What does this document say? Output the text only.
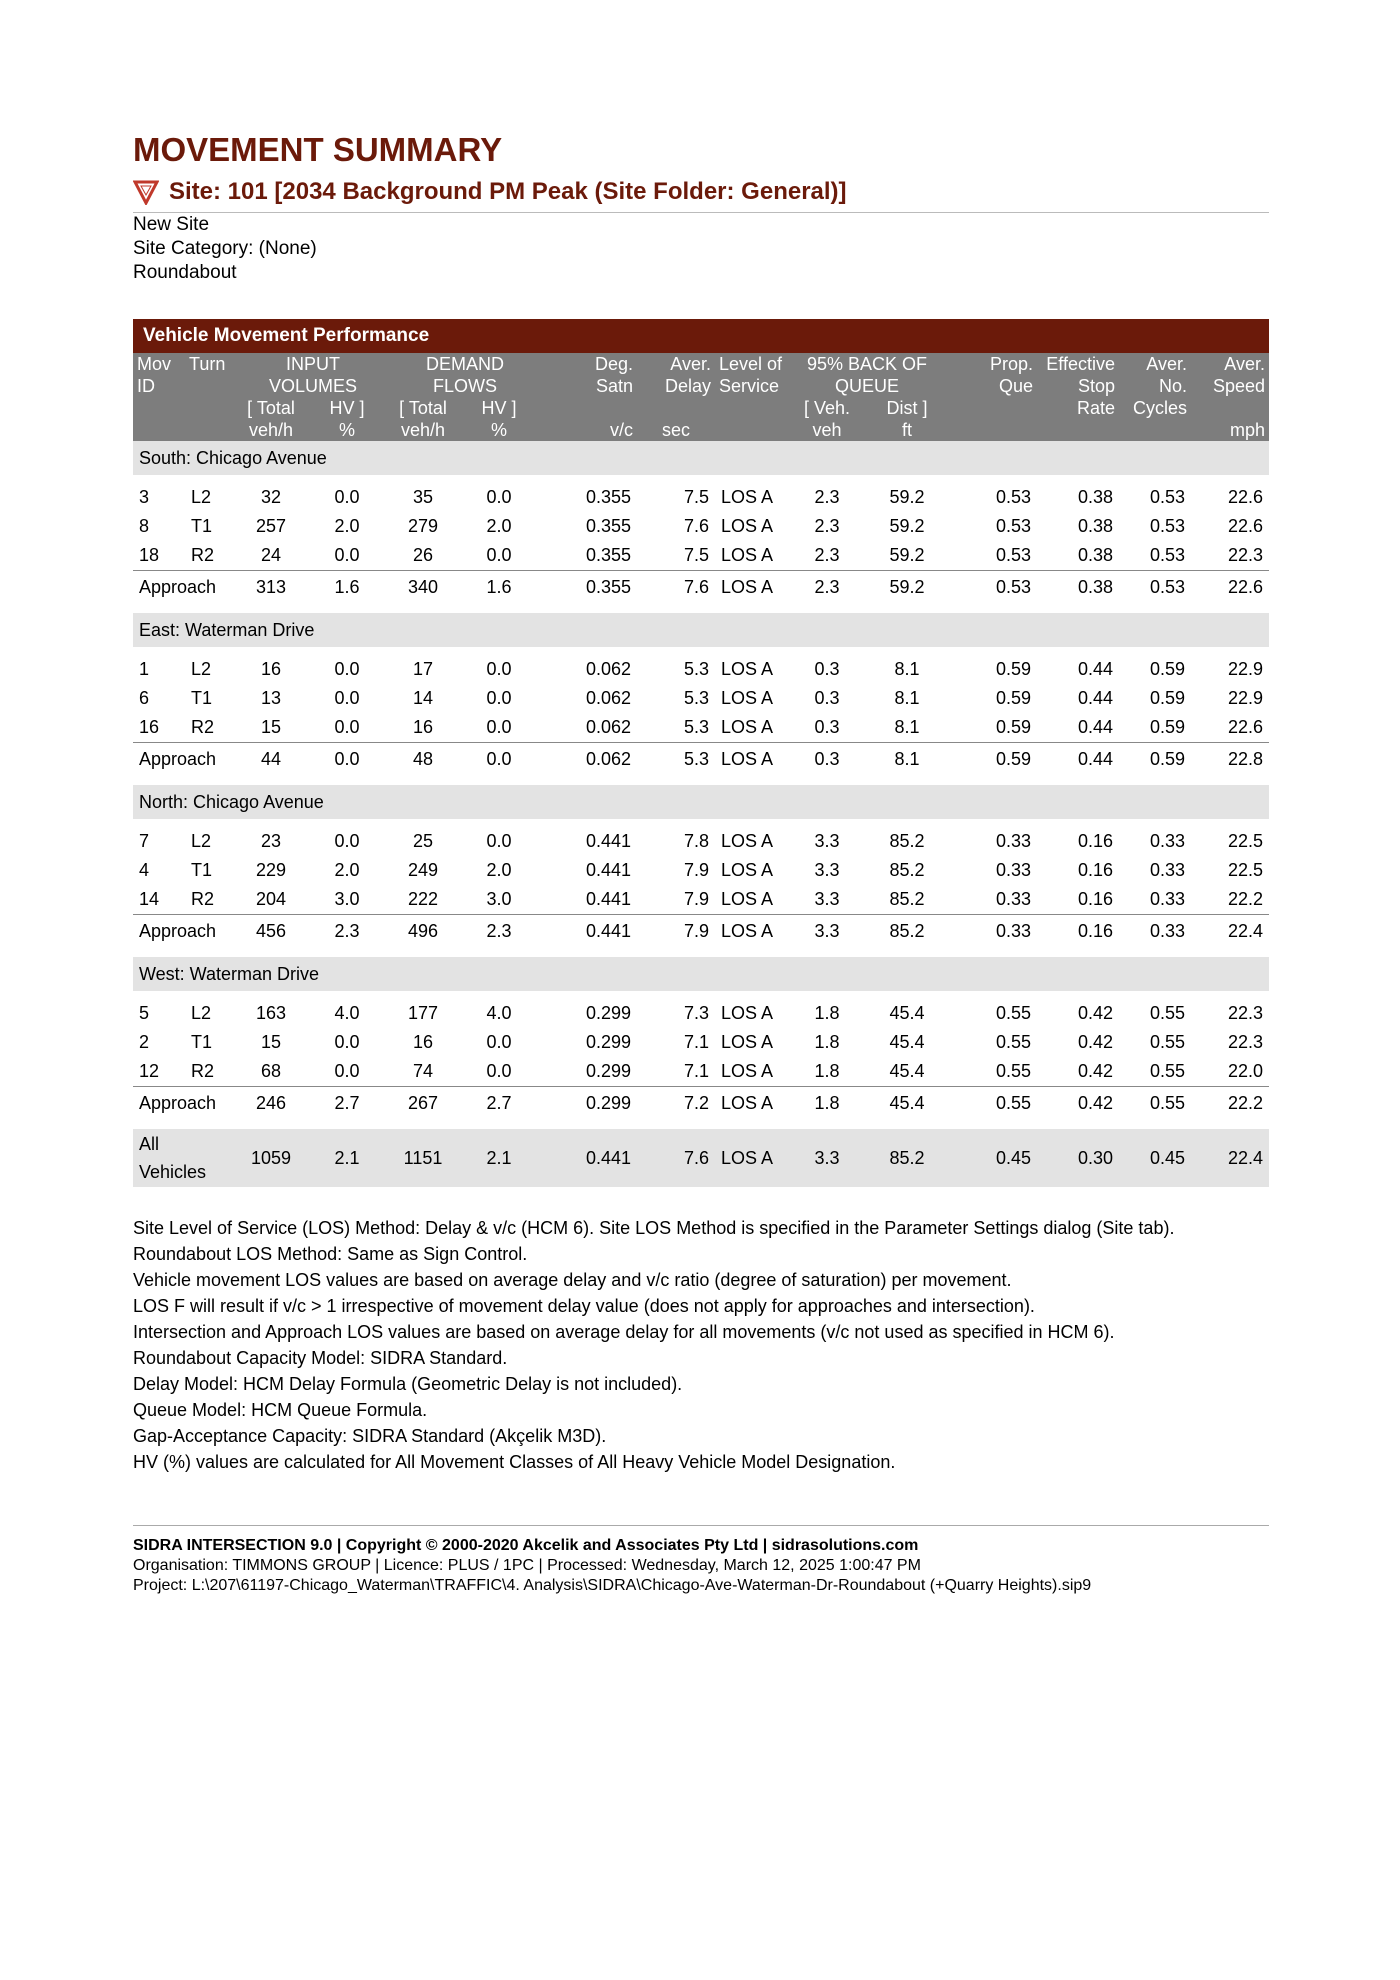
MOVEMENT SUMMARY
Site: 101 [2034 Background PM Peak (Site Folder: General)]
New Site
Site Category: (None)
Roundabout
Vehicle Movement Performance
Mov	Turn	INPUT		DEMAND		Deg.	Aver.	Level of	95% BACK OF		Prop.	Effective	Aver.	Aver.
ID		VOLUMES		FLOWS		Satn	Delay	Service	QUEUE		Que	Stop	No.	Speed
		[ Total	HV ]	[ Total	HV ]				[ Veh.	Dist ]		Rate	Cycles	
		veh/h	%	veh/h	%	v/c	sec		veh	ft				mph
South: Chicago Avenue														

3	L2	32	0.0	35	0.0	0.355	7.5	LOS A	2.3	59.2	0.53	0.38	0.53	22.6
8	T1	257	2.0	279	2.0	0.355	7.6	LOS A	2.3	59.2	0.53	0.38	0.53	22.6
18	R2	24	0.0	26	0.0	0.355	7.5	LOS A	2.3	59.2	0.53	0.38	0.53	22.3
Approach		313	1.6	340	1.6	0.355	7.6	LOS A	2.3	59.2	0.53	0.38	0.53	22.6

East: Waterman Drive														

1	L2	16	0.0	17	0.0	0.062	5.3	LOS A	0.3	8.1	0.59	0.44	0.59	22.9
6	T1	13	0.0	14	0.0	0.062	5.3	LOS A	0.3	8.1	0.59	0.44	0.59	22.9
16	R2	15	0.0	16	0.0	0.062	5.3	LOS A	0.3	8.1	0.59	0.44	0.59	22.6
Approach		44	0.0	48	0.0	0.062	5.3	LOS A	0.3	8.1	0.59	0.44	0.59	22.8

North: Chicago Avenue														

7	L2	23	0.0	25	0.0	0.441	7.8	LOS A	3.3	85.2	0.33	0.16	0.33	22.5
4	T1	229	2.0	249	2.0	0.441	7.9	LOS A	3.3	85.2	0.33	0.16	0.33	22.5
14	R2	204	3.0	222	3.0	0.441	7.9	LOS A	3.3	85.2	0.33	0.16	0.33	22.2
Approach		456	2.3	496	2.3	0.441	7.9	LOS A	3.3	85.2	0.33	0.16	0.33	22.4

West: Waterman Drive														

5	L2	163	4.0	177	4.0	0.299	7.3	LOS A	1.8	45.4	0.55	0.42	0.55	22.3
2	T1	15	0.0	16	0.0	0.299	7.1	LOS A	1.8	45.4	0.55	0.42	0.55	22.3
12	R2	68	0.0	74	0.0	0.299	7.1	LOS A	1.8	45.4	0.55	0.42	0.55	22.0
Approach		246	2.7	267	2.7	0.299	7.2	LOS A	1.8	45.4	0.55	0.42	0.55	22.2

All
Vehicles		1059	2.1	1151	2.1	0.441	7.6	LOS A	3.3	85.2	0.45	0.30	0.45	22.4
Site Level of Service (LOS) Method: Delay & v/c (HCM 6). Site LOS Method is specified in the Parameter Settings dialog (Site tab).
Roundabout LOS Method: Same as Sign Control.
Vehicle movement LOS values are based on average delay and v/c ratio (degree of saturation) per movement.
LOS F will result if v/c > 1 irrespective of movement delay value (does not apply for approaches and intersection).
Intersection and Approach LOS values are based on average delay for all movements (v/c not used as specified in HCM 6).
Roundabout Capacity Model: SIDRA Standard.
Delay Model: HCM Delay Formula (Geometric Delay is not included).
Queue Model: HCM Queue Formula.
Gap-Acceptance Capacity: SIDRA Standard (Akçelik M3D).
HV (%) values are calculated for All Movement Classes of All Heavy Vehicle Model Designation.
SIDRA INTERSECTION 9.0 | Copyright © 2000-2020 Akcelik and Associates Pty Ltd | sidrasolutions.com
Organisation: TIMMONS GROUP | Licence: PLUS / 1PC | Processed: Wednesday, March 12, 2025 1:00:47 PM
Project: L:\207\61197-Chicago_Waterman\TRAFFIC\4. Analysis\SIDRA\Chicago-Ave-Waterman-Dr-Roundabout (+Quarry Heights).sip9
